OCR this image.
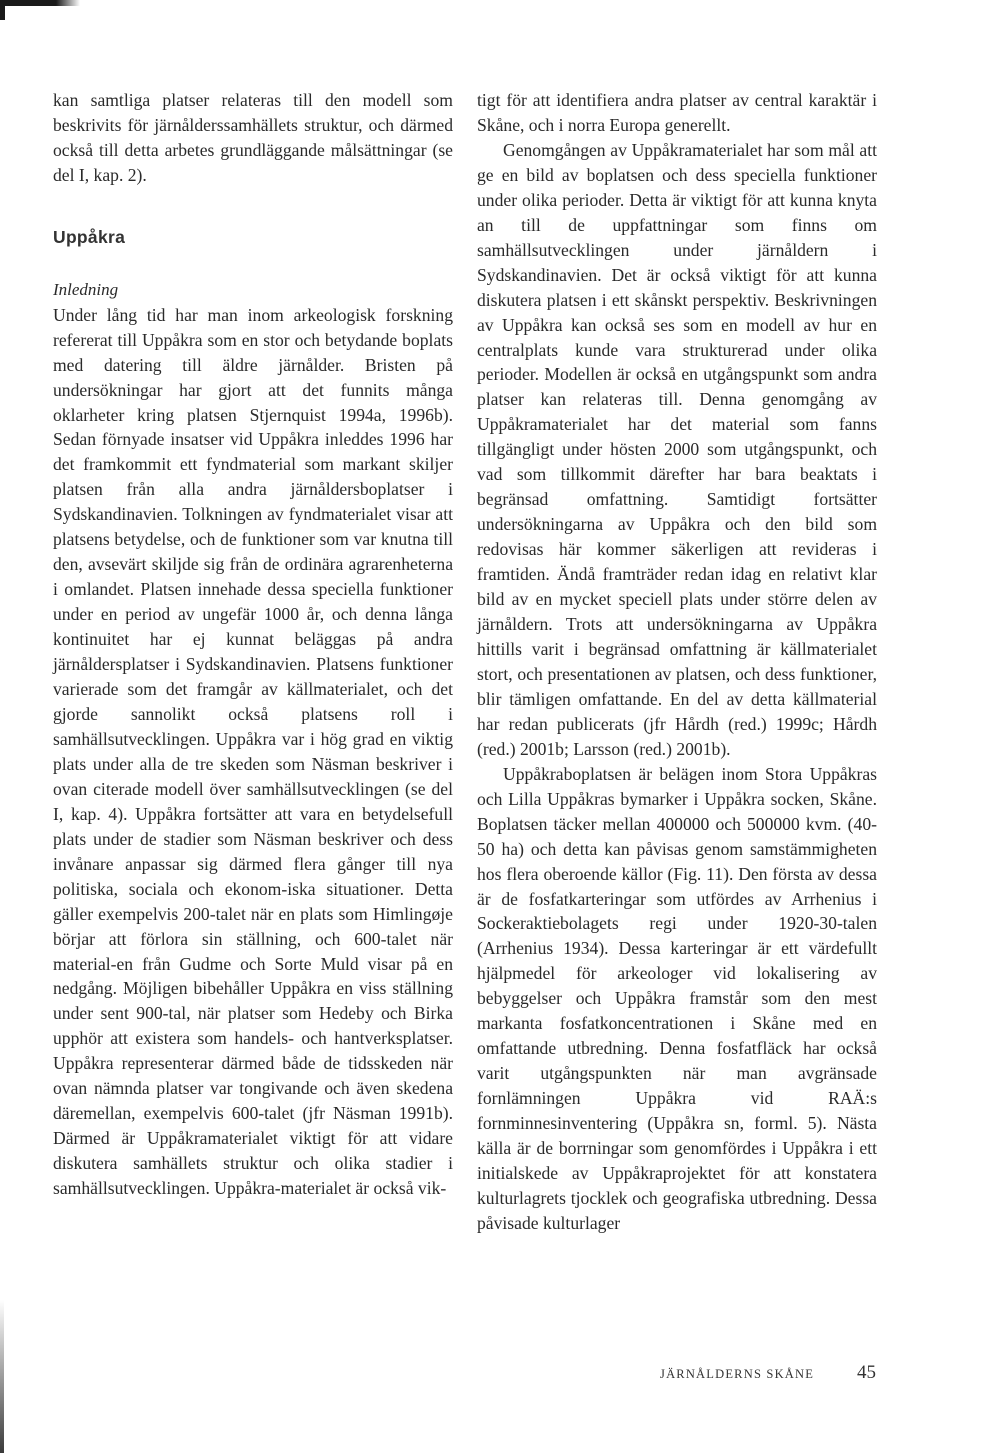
kan samtliga platser relateras till den modell som beskrivits för järnålderssamhällets struktur, och därmed också till detta arbetes grundläggande målsättningar (se del I, kap. 2).

Uppåkra
Inledning

Under lång tid har man inom arkeologisk forskning refererat till Uppåkra som en stor och betydande boplats med datering till äldre järnålder. Bristen på undersökningar har gjort att det funnits många oklarheter kring platsen Stjernquist 1994a, 1996b). Sedan förnyade insatser vid Uppåkra inleddes 1996 har det framkommit ett fyndmaterial som markant skiljer platsen från alla andra järnåldersboplatser i Sydskandinavien. Tolkningen av fyndmaterialet visar att platsens betydelse, och de funktioner som var knutna till den, avsevärt skiljde sig från de ordinära agrarenheterna i omlandet. Platsen innehade dessa speciella funktioner under en period av ungefär 1000 år, och denna långa kontinuitet har ej kunnat beläggas på andra järnåldersplatser i Sydskandinavien. Platsens funktioner varierade som det framgår av källmaterialet, och det gjorde sannolikt också platsens roll i samhällsutvecklingen. Uppåkra var i hög grad en viktig plats under alla de tre skeden som Näsman beskriver i ovan citerade modell över samhällsutvecklingen (se del I, kap. 4). Uppåkra fortsätter att vara en betydelsefull plats under de stadier som Näsman beskriver och dess invånare anpassar sig därmed flera gånger till nya politiska, sociala och ekonom-iska situationer. Detta gäller exempelvis 200-talet när en plats som Himlingøje börjar att förlora sin ställning, och 600-talet när material-en från Gudme och Sorte Muld visar på en nedgång. Möjligen bibehåller Uppåkra en viss ställning under sent 900-tal, när platser som Hedeby och Birka upphör att existera som handels- och hantverksplatser. Uppåkra representerar därmed både de tidsskeden när ovan nämnda platser var tongivande och även skedena däremellan, exempelvis 600-talet (jfr Näsman 1991b). Därmed är Uppåkramaterialet viktigt för att vidare diskutera samhällets struktur och olika stadier i samhällsutvecklingen. Uppåkra-materialet är också vik-

tigt för att identifiera andra platser av central karaktär i Skåne, och i norra Europa generellt.

Genomgången av Uppåkramaterialet har som mål att ge en bild av boplatsen och dess speciella funktioner under olika perioder. Detta är viktigt för att kunna knyta an till de uppfattningar som finns om samhällsutvecklingen under järnåldern i Sydskandinavien. Det är också viktigt för att kunna diskutera platsen i ett skånskt perspektiv. Beskrivningen av Uppåkra kan också ses som en modell av hur en centralplats kunde vara strukturerad under olika perioder. Modellen är också en utgångspunkt som andra platser kan relateras till. Denna genomgång av Uppåkramaterialet har det material som fanns tillgängligt under hösten 2000 som utgångspunkt, och vad som tillkommit därefter har bara beaktats i begränsad omfattning. Samtidigt fortsätter undersökningarna av Uppåkra och den bild som redovisas här kommer säkerligen att revideras i framtiden. Ändå framträder redan idag en relativt klar bild av en mycket speciell plats under större delen av järnåldern. Trots att undersökningarna av Uppåkra hittills varit i begränsad omfattning är källmaterialet stort, och presentationen av platsen, och dess funktioner, blir tämligen omfattande. En del av detta källmaterial har redan publicerats (jfr Hårdh (red.) 1999c; Hårdh (red.) 2001b; Larsson (red.) 2001b).

Uppåkraboplatsen är belägen inom Stora Uppåkras och Lilla Uppåkras bymarker i Uppåkra socken, Skåne. Boplatsen täcker mellan 400000 och 500000 kvm. (40-50 ha) och detta kan påvisas genom samstämmigheten hos flera oberoende källor (Fig. 11). Den första av dessa är de fosfatkarteringar som utfördes av Arrhenius i Sockeraktiebolagets regi under 1920-30-talen (Arrhenius 1934). Dessa karteringar är ett värdefullt hjälpmedel för arkeologer vid lokalisering av bebyggelser och Uppåkra framstår som den mest markanta fosfatkoncentrationen i Skåne med en omfattande utbredning. Denna fosfatfläck har också varit utgångspunkten när man avgränsade fornlämningen Uppåkra vid RAÄ:s fornminnesinventering (Uppåkra sn, forml. 5). Nästa källa är de borrningar som genomfördes i Uppåkra i ett initialskede av Uppåkraprojektet för att konstatera kulturlagrets tjocklek och geografiska utbredning. Dessa påvisade kulturlager

JÄRNÅLDERNS SKÅNE 45
